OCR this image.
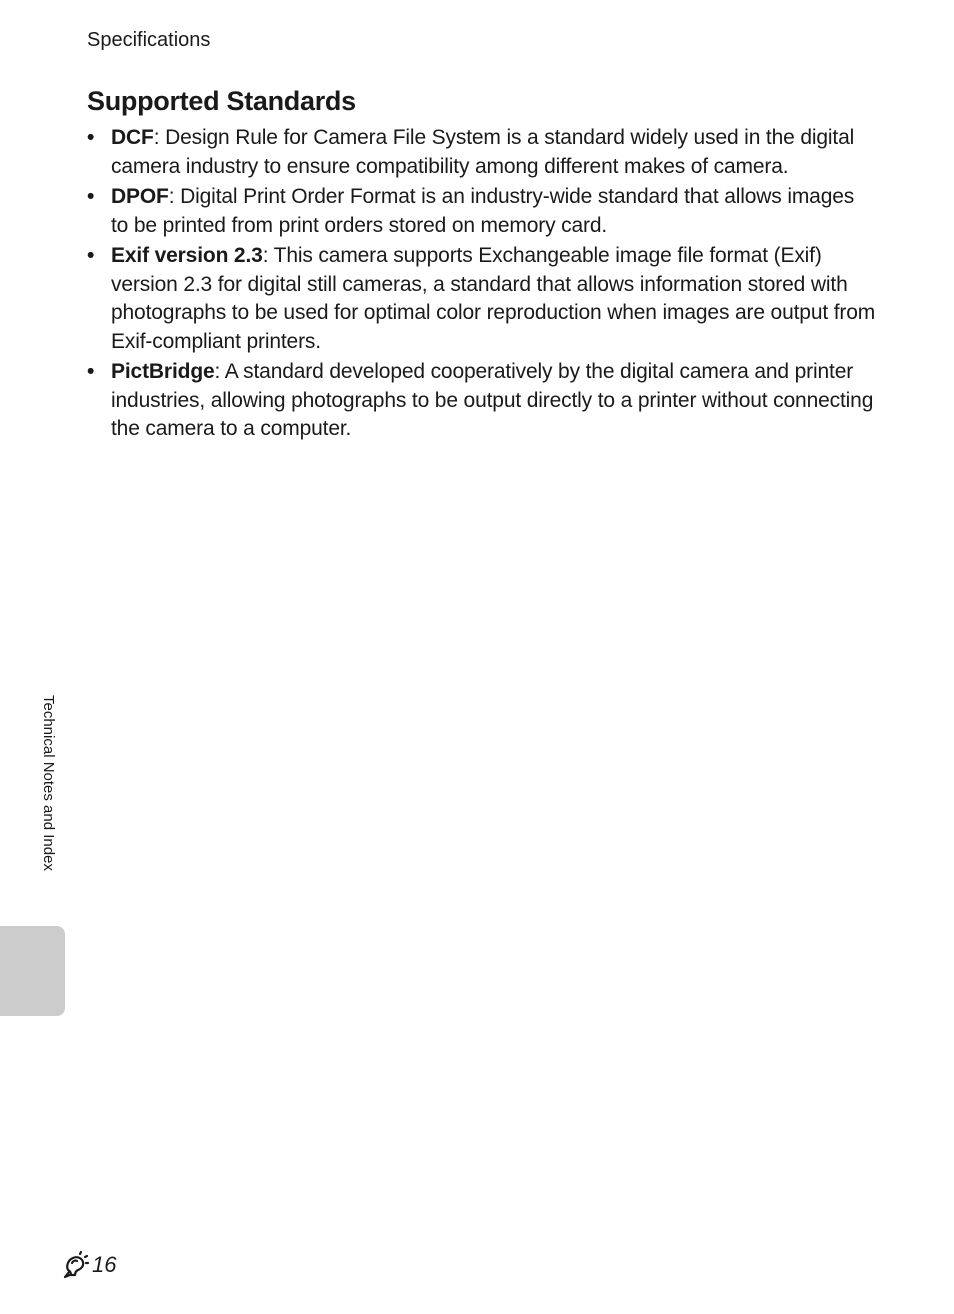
Specifications
Supported Standards
• DCF: Design Rule for Camera File System is a standard widely used in the digital camera industry to ensure compatibility among different makes of camera.
• DPOF: Digital Print Order Format is an industry-wide standard that allows images to be printed from print orders stored on memory card.
• Exif version 2.3: This camera supports Exchangeable image file format (Exif) version 2.3 for digital still cameras, a standard that allows information stored with photographs to be used for optimal color reproduction when images are output from Exif-compliant printers.
• PictBridge: A standard developed cooperatively by the digital camera and printer industries, allowing photographs to be output directly to a printer without connecting the camera to a computer.
Technical Notes and Index
16
